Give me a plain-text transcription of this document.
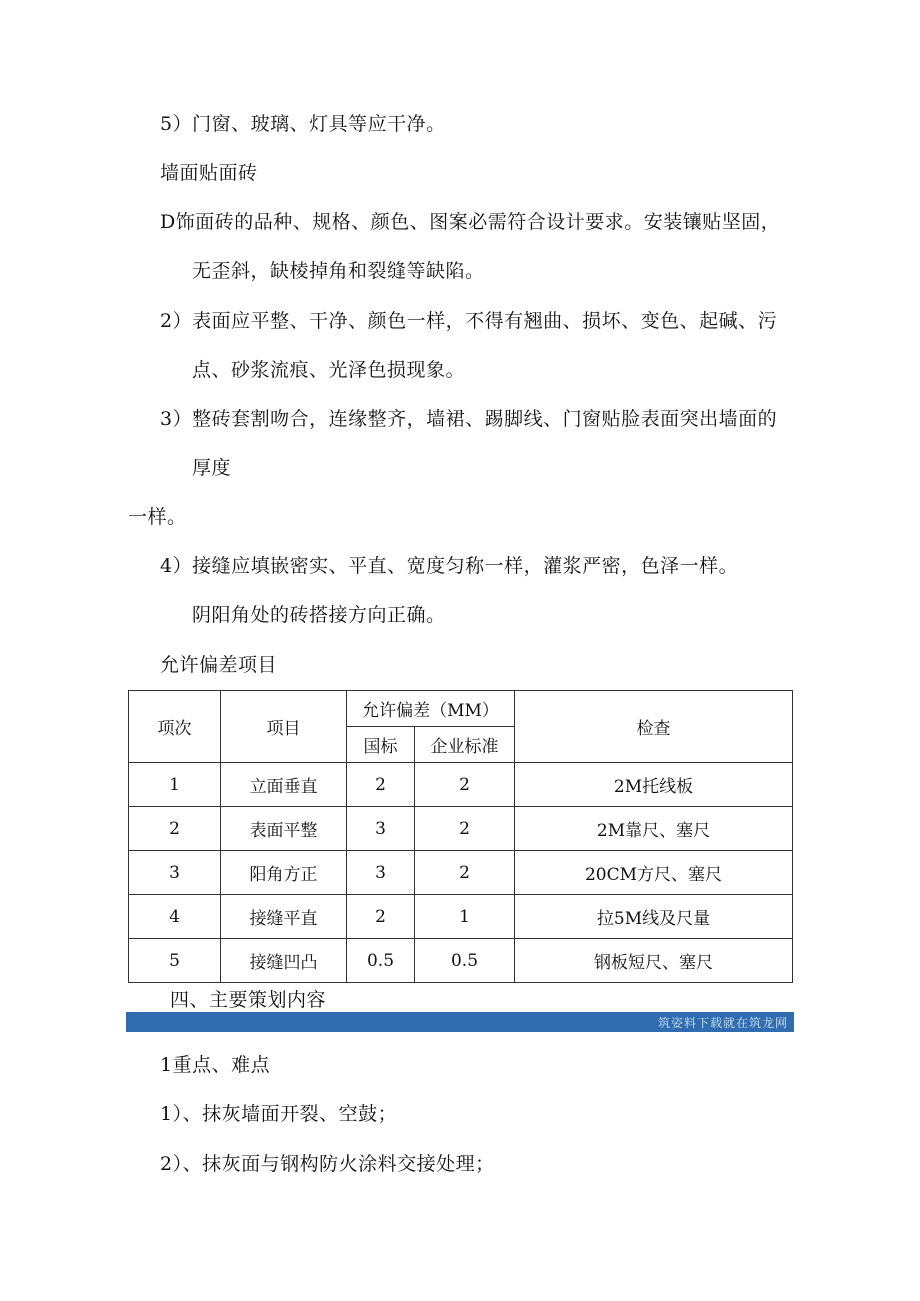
5）门窗、玻璃、灯具等应干净。
墙面贴面砖
D饰面砖的品种、规格、颜色、图案必需符合设计要求。安装镶贴坚固，
无歪斜，缺棱掉角和裂缝等缺陷。
2）表面应平整、干净、颜色一样，不得有翘曲、损坏、变色、起碱、污
点、砂浆流痕、光泽色损现象。
3）整砖套割吻合，连缘整齐，墙裙、踢脚线、门窗贴脸表面突出墙面的
厚度
一样。
4）接缝应填嵌密实、平直、宽度匀称一样，灌浆严密，色泽一样。
阴阳角处的砖搭接方向正确。
允许偏差项目
项次	项目	允许偏差（MM）		检查
		国标	企业标准	
1	立面垂直	2	2	2M托线板
2	表面平整	3	2	2M靠尺、塞尺
3	阳角方正	3	2	20CM方尺、塞尺
4	接缝平直	2	1	拉5M线及尺量
5	接缝凹凸	0.5	0.5	钢板短尺、塞尺
四、主要策划内容
筑姿料下载就在筑龙网
1重点、难点
1）、抹灰墙面开裂、空鼓；
2）、抹灰面与钢构防火涂料交接处理；
